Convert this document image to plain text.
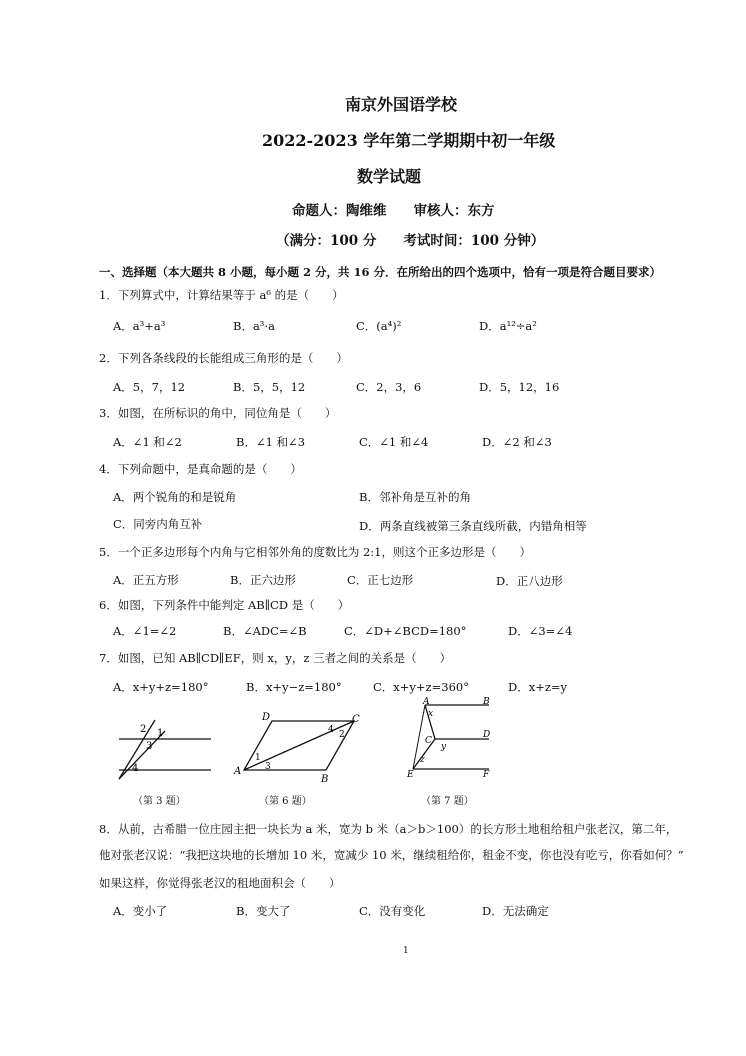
南京外国语学校
2022-2023 学年第二学期期中初一年级
数学试题
命题人：陶维维　　审核人：东方
（满分：100 分　　考试时间：100 分钟）
一、选择题（本大题共 8 小题，每小题 2 分，共 16 分．在所给出的四个选项中，恰有一项是符合题目要求）
1．下列算式中，计算结果等于 a⁶ 的是（　　）
A．a³+a³	B．a³·a	C．(a⁴)²	D．a¹²÷a²
2．下列各条线段的长能组成三角形的是（　　）
A．5，7，12	B．5，5，12	C．2，3，6	D．5，12，16
3．如图，在所标识的角中，同位角是（　　）
A．∠1 和∠2	B．∠1 和∠3	C．∠1 和∠4	D．∠2 和∠3
4．下列命题中，是真命题的是（　　）
A．两个锐角的和是锐角	B．邻补角是互补的角
C．同旁内角互补	D．两条直线被第三条直线所截，内错角相等
5．一个正多边形每个内角与它相邻外角的度数比为 2:1，则这个正多边形是（　　）
A．正五方形	B．正六边形	C．正七边形	D．正八边形
6．如图，下列条件中能判定 AB∥CD 是（　　）
A．∠1=∠2	B．∠ADC=∠B	C．∠D+∠BCD=180°	D．∠3=∠4
7．如图，已知 AB∥CD∥EF，则 x，y，z 三者之间的关系是（　　）
A．x+y+z=180°	B．x+y−z=180°	C．x+y+z=360°	D．x+z=y
2 1
3
4
（第 3 题）
A
B
C
D
1
2
3
4
（第 6 题）
A	B
C
D
E	F
x
y
z
（第 7 题）
8．从前，古希腊一位庄园主把一块长为 a 米，宽为 b 米（a＞b＞100）的长方形土地租给租户张老汉，第二年，
他对张老汉说：“我把这块地的长增加 10 米，宽减少 10 米，继续租给你，租金不变，你也没有吃亏，你看如何？”
如果这样，你觉得张老汉的租地面积会（　　）
A．变小了	B．变大了	C．没有变化	D．无法确定
1
